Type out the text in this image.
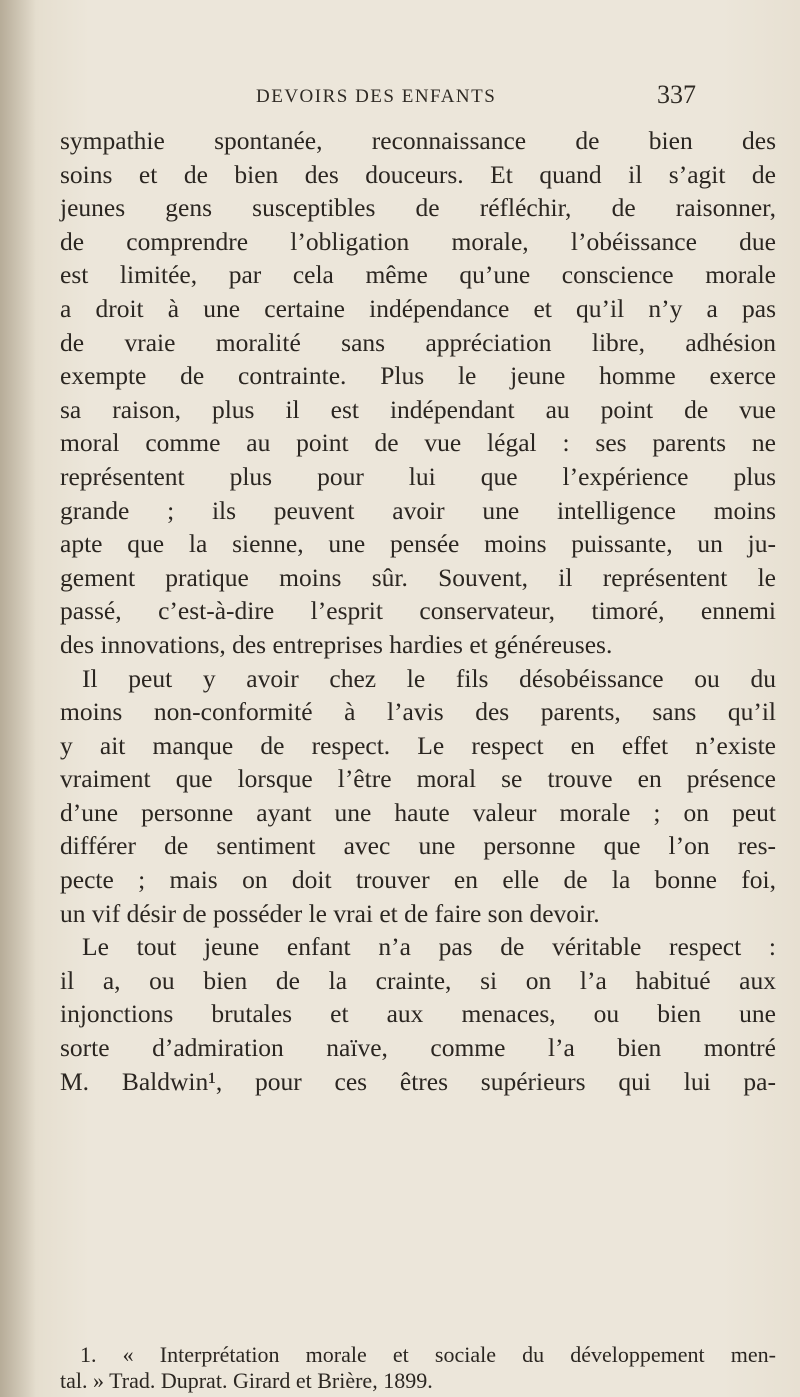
DEVOIRS DES ENFANTS	337
sympathie spontanée, reconnaissance de bien des
soins et de bien des douceurs. Et quand il s’agit de
jeunes gens susceptibles de réfléchir, de raisonner,
de comprendre l’obligation morale, l’obéissance due
est limitée, par cela même qu’une conscience morale
a droit à une certaine indépendance et qu’il n’y a pas
de vraie moralité sans appréciation libre, adhésion
exempte de contrainte. Plus le jeune homme exerce
sa raison, plus il est indépendant au point de vue
moral comme au point de vue légal : ses parents ne
représentent plus pour lui que l’expérience plus
grande ; ils peuvent avoir une intelligence moins
apte que la sienne, une pensée moins puissante, un ju-
gement pratique moins sûr. Souvent, il représentent le
passé, c’est-à-dire l’esprit conservateur, timoré, ennemi
des innovations, des entreprises hardies et généreuses.
Il peut y avoir chez le fils désobéissance ou du
moins non-conformité à l’avis des parents, sans qu’il
y ait manque de respect. Le respect en effet n’existe
vraiment que lorsque l’être moral se trouve en présence
d’une personne ayant une haute valeur morale ; on peut
différer de sentiment avec une personne que l’on res-
pecte ; mais on doit trouver en elle de la bonne foi,
un vif désir de posséder le vrai et de faire son devoir.
Le tout jeune enfant n’a pas de véritable respect :
il a, ou bien de la crainte, si on l’a habitué aux
injonctions brutales et aux menaces, ou bien une
sorte d’admiration naïve, comme l’a bien montré
M. Baldwin¹, pour ces êtres supérieurs qui lui pa-
1. « Interprétation morale et sociale du développement men-
tal. » Trad. Duprat. Girard et Brière, 1899.
